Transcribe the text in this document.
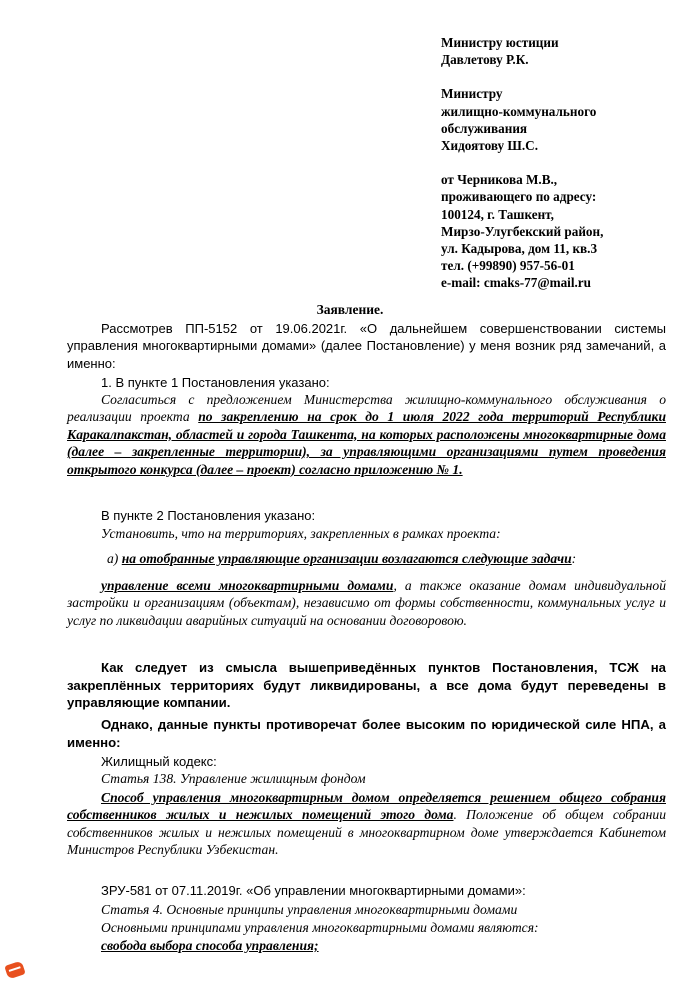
Министру юстиции
Давлетову Р.К.
Министру
жилищно-коммунального
обслуживания
Хидоятову Ш.С.
от Черникова М.В.,
проживающего по адресу:
100124, г. Ташкент,
Мирзо-Улугбекский район,
ул. Кадырова, дом 11, кв.3
тел. (+99890) 957-56-01
e-mail: cmaks-77@mail.ru
Заявление.
Рассмотрев ПП-5152 от 19.06.2021г. «О дальнейшем совершенствовании системы управления многоквартирными домами» (далее Постановление) у меня возник ряд замечаний, а именно:
1. В пункте 1 Постановления указано:
Согласиться с предложением Министерства жилищно-коммунального обслуживания о реализации проекта по закреплению на срок до 1 июля 2022 года территорий Республики Каракалпакстан, областей и города Ташкента, на которых расположены многоквартирные дома (далее – закрепленные территории), за управляющими организациями путем проведения открытого конкурса (далее – проект) согласно приложению № 1.
В пункте 2 Постановления указано:
Установить, что на территориях, закрепленных в рамках проекта:
а) на отобранные управляющие организации возлагаются следующие задачи:
управление всеми многоквартирными домами, а также оказание домам индивидуальной застройки и организациям (объектам), независимо от формы собственности, коммунальных услуг и услуг по ликвидации аварийных ситуаций на основании договоровою.
Как следует из смысла вышеприведённых пунктов Постановления, ТСЖ на закреплённых территориях будут ликвидированы, а все дома будут переведены в управляющие компании.
Однако, данные пункты противоречат более высоким по юридической силе НПА, а именно:
Жилищный кодекс:
Статья 138. Управление жилищным фондом
Способ управления многоквартирным домом определяется решением общего собрания собственников жилых и нежилых помещений этого дома. Положение об общем собрании собственников жилых и нежилых помещений в многоквартирном доме утверждается Кабинетом Министров Республики Узбекистан.
ЗРУ-581 от 07.11.2019г. «Об управлении многоквартирными домами»:
Статья 4. Основные принципы управления многоквартирными домами
Основными принципами управления многоквартирными домами являются:
свобода выбора способа управления;
